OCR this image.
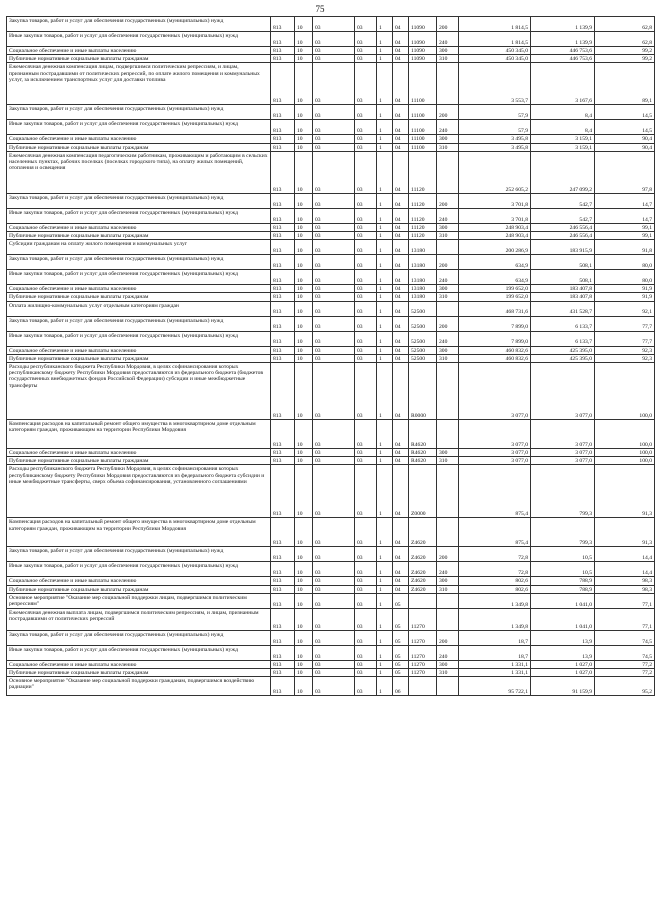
75
Закупка товаров, работ и услуг для обеспечения государственных (муниципальных) нужд	813	10	03	03	1	04	11090	200	1 814,5	1 139,9	62,8
Иные закупки товаров, работ и услуг для обеспечения государственных (муниципальных) нужд	813	10	03	03	1	04	11090	240	1 814,5	1 139,9	62,8
Социальное обеспечение и иные выплаты населению	813	10	03	03	1	04	11090	300	450 345,0	446 753,6	99,2
Публичные нормативные социальные выплаты гражданам	813	10	03	03	1	04	11090	310	450 345,0	446 753,6	99,2
Ежемесячная денежная компенсация лицам, подвергшимся политическим репрессиям, и лицам, признанным пострадавшими от политических репрессий, по оплате жилого помещения и коммунальных услуг, за исключением транспортных услуг для доставки топлива	813	10	03	03	1	04	11100		3 553,7	3 167,6	89,1
Закупка товаров, работ и услуг для обеспечения государственных (муниципальных) нужд	813	10	03	03	1	04	11100	200	57,9	8,4	14,5
Иные закупки товаров, работ и услуг для обеспечения государственных (муниципальных) нужд	813	10	03	03	1	04	11100	240	57,9	8,4	14,5
Социальное обеспечение и иные выплаты населению	813	10	03	03	1	04	11100	300	3 495,8	3 159,1	90,4
Публичные нормативные социальные выплаты гражданам	813	10	03	03	1	04	11100	310	3 495,8	3 159,1	90,4
Ежемесячная денежная компенсация педагогическим работникам, проживающим и работающим в сельских населенных пунктах, рабочих поселках (поселках городского типа), на оплату жилых помещений, отопления и освещения	813	10	03	03	1	04	11120		252 605,2	247 099,2	97,8
Закупка товаров, работ и услуг для обеспечения государственных (муниципальных) нужд	813	10	03	03	1	04	11120	200	3 701,8	542,7	14,7
Иные закупки товаров, работ и услуг для обеспечения государственных (муниципальных) нужд	813	10	03	03	1	04	11120	240	3 701,8	542,7	14,7
Социальное обеспечение и иные выплаты населению	813	10	03	03	1	04	11120	300	248 903,4	246 556,4	99,1
Публичные нормативные социальные выплаты гражданам	813	10	03	03	1	04	11120	310	248 903,4	246 556,4	99,1
Субсидии гражданам на оплату жилого помещения и коммунальных услуг	813	10	03	03	1	04	13180		200 286,9	183 915,9	91,8
Закупка товаров, работ и услуг для обеспечения государственных (муниципальных) нужд	813	10	03	03	1	04	13180	200	634,9	508,1	80,0
Иные закупки товаров, работ и услуг для обеспечения государственных (муниципальных) нужд	813	10	03	03	1	04	13180	240	634,9	508,1	80,0
Социальное обеспечение и иные выплаты населению	813	10	03	03	1	04	13180	300	199 652,0	183 407,8	91,9
Публичные нормативные социальные выплаты гражданам	813	10	03	03	1	04	13180	310	199 652,0	183 407,8	91,9
Оплата жилищно-коммунальных услуг отдельным категориям граждан	813	10	03	03	1	04	52500		468 731,6	431 528,7	92,1
Закупка товаров, работ и услуг для обеспечения государственных (муниципальных) нужд	813	10	03	03	1	04	52500	200	7 899,0	6 133,7	77,7
Иные закупки товаров, работ и услуг для обеспечения государственных (муниципальных) нужд	813	10	03	03	1	04	52500	240	7 899,0	6 133,7	77,7
Социальное обеспечение и иные выплаты населению	813	10	03	03	1	04	52500	300	460 832,6	425 395,0	92,3
Публичные нормативные социальные выплаты гражданам	813	10	03	03	1	04	52500	310	460 832,6	425 395,0	92,3
Расходы республиканского бюджета Республики Мордовия, в целях софинансирования которых республиканскому бюджету Республики Мордовия предоставляются из федерального бюджета (бюджетов государственных внебюджетных фондов Российской Федерации) субсидии и иные межбюджетные трансферты	813	10	03	03	1	04	R0000		3 077,0	3 077,0	100,0
Компенсация расходов на капитальный ремонт общего имущества в многоквартирном доме отдельным категориям граждан, проживающим на территории Республики Мордовия	813	10	03	03	1	04	R4620		3 077,0	3 077,0	100,0
Социальное обеспечение и иные выплаты населению	813	10	03	03	1	04	R4620	300	3 077,0	3 077,0	100,0
Публичные нормативные социальные выплаты гражданам	813	10	03	03	1	04	R4620	310	3 077,0	3 077,0	100,0
Расходы республиканского бюджета Республики Мордовия, в целях софинансирования которых республиканскому бюджету Республики Мордовия предоставляются из федерального бюджета субсидии и иные межбюджетные трансферты, сверх объема софинансирования, установленного соглашениями	813	10	03	03	1	04	Z0000		875,4	799,3	91,3
Компенсация расходов на капитальный ремонт общего имущества в многоквартирном доме отдельным категориям граждан, проживающим на территории Республики Мордовия	813	10	03	03	1	04	Z4620		875,4	799,3	91,3
Закупка товаров, работ и услуг для обеспечения государственных (муниципальных) нужд	813	10	03	03	1	04	Z4620	200	72,8	10,5	14,4
Иные закупки товаров, работ и услуг для обеспечения государственных (муниципальных) нужд	813	10	03	03	1	04	Z4620	240	72,8	10,5	14,4
Социальное обеспечение и иные выплаты населению	813	10	03	03	1	04	Z4620	300	802,6	788,9	98,3
Публичные нормативные социальные выплаты гражданам	813	10	03	03	1	04	Z4620	310	802,6	788,9	98,3
Основное мероприятие "Оказание мер социальной поддержки лицам, подвергшимся политическим репрессиям"	813	10	03	03	1	05			1 349,8	1 041,0	77,1
Ежемесячная денежная выплата лицам, подвергшимся политическим репрессиям, и лицам, признанным пострадавшими от политических репрессий	813	10	03	03	1	05	11270		1 349,8	1 041,0	77,1
Закупка товаров, работ и услуг для обеспечения государственных (муниципальных) нужд	813	10	03	03	1	05	11270	200	18,7	13,9	74,5
Иные закупки товаров, работ и услуг для обеспечения государственных (муниципальных) нужд	813	10	03	03	1	05	11270	240	18,7	13,9	74,5
Социальное обеспечение и иные выплаты населению	813	10	03	03	1	05	11270	300	1 331,1	1 027,0	77,2
Публичные нормативные социальные выплаты гражданам	813	10	03	03	1	05	11270	310	1 331,1	1 027,0	77,2
Основное мероприятие "Оказание мер социальной поддержки гражданам, подвергшимся воздействию радиации"	813	10	03	03	1	06			95 722,1	91 159,9	95,2
